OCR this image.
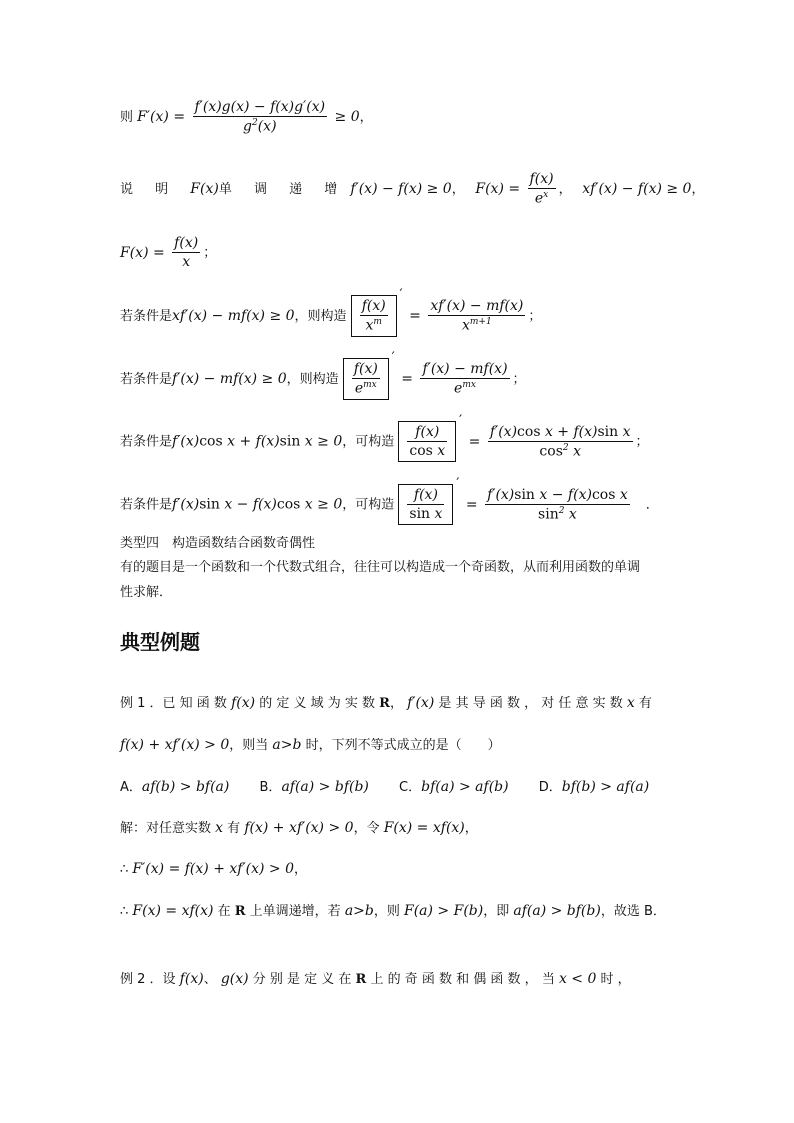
则 $F'(x) = \frac{f'(x)g(x) - f(x)g'(x)}{g^2(x)} \ge 0$，
说 明 F(x)单 调 递 增 f′(x) − f(x) ≥ 0，　 $F(x) = \frac{f(x)}{e^x}$ ，　 xf′(x) − f(x) ≥ 0，
$F(x) = \frac{f(x)}{x}$ ；
若条件是xf′(x) − mf(x) ≥ 0，则构造 $\frac{f(x)}{x^m}$
′
= $\frac{xf'(x) - mf(x)}{x^{m+1}}$ ；
若条件是f′(x) − mf(x) ≥ 0，则构造 $\frac{f(x)}{e^{mx}}$
′
= $\frac{f'(x) - mf(x)}{e^{mx}}$ ；
若条件是f′(x)cos x + f(x)sin x ≥ 0，可构造 $\frac{f(x)}{\text{cos x}}$
′
= $\frac{\text{f′(x)cos x + f(x)sin x}}{\cos^2 x}$ ；
若条件是f′(x)sin x − f(x)cos x ≥ 0，可构造 $\frac{f(x)}{\text{sin x}}$
′
= $\frac{\text{f′(x)sin x − f(x)cos x}}{\sin^2 x}$
　 ．
类型四　构造函数结合函数奇偶性
有的题目是一个函数和一个代数式组合，往往可以构造成一个奇函数，从而利用函数的单调
性求解．
典型例题
例 1 ．已 知 函 数 f(x) 的 定 义 域 为 实 数 R， f′(x) 是 其 导 函 数 ， 对 任 意 实 数 x 有
f(x) + xf′(x) > 0，则当 a>b 时，下列不等式成立的是（　　）
A．af(b) > bf(a) B．af(a) > bf(b) C．bf(a) > af(b) D．bf(b) > af(a)
解：对任意实数 x 有 f(x) + xf′(x) > 0，令 F(x) = xf(x)，
∴ F′(x) = f(x) + xf′(x) > 0，
∴ F(x) = xf(x) 在 R 上单调递增，若 a>b，则 F(a) > F(b)，即 af(a) > bf(b)，故选 B．
例 2 ．设 f(x)、 g(x) 分 别 是 定 义 在 R 上 的 奇 函 数 和 偶 函 数 ， 当 x < 0 时 ，
